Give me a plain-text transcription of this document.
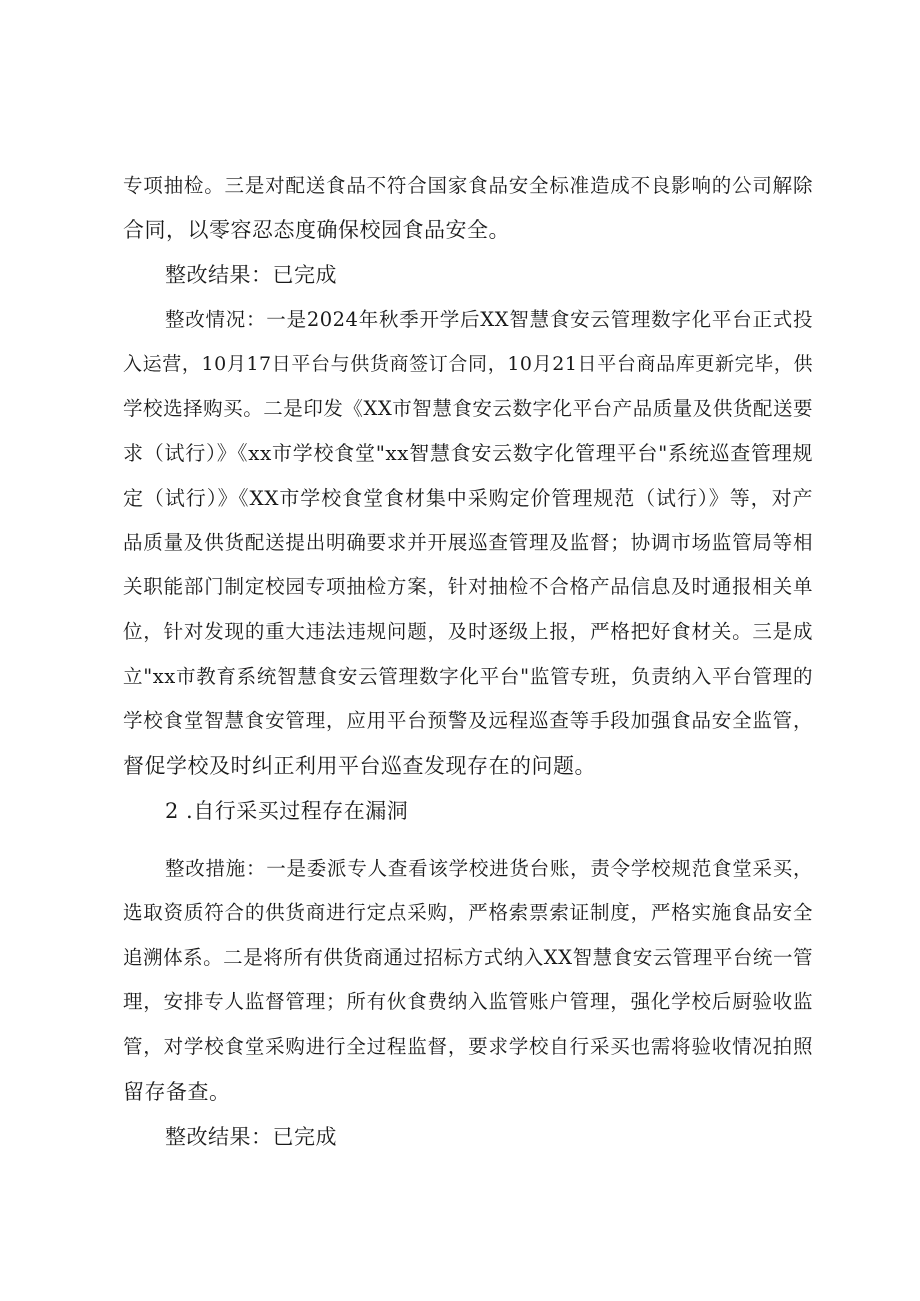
专项抽检。三是对配送食品不符合国家食品安全标准造成不良影响的公司解除
合同，以零容忍态度确保校园食品安全。
整改结果：已完成
整改情况：一是2024年秋季开学后XX智慧食安云管理数字化平台正式投
入运营，10月17日平台与供货商签订合同，10月21日平台商品库更新完毕，供
学校选择购买。二是印发《XX市智慧食安云数字化平台产品质量及供货配送要
求（试行）》《xx市学校食堂"xx智慧食安云数字化管理平台"系统巡查管理规
定（试行）》《XX市学校食堂食材集中采购定价管理规范（试行）》等，对产
品质量及供货配送提出明确要求并开展巡查管理及监督；协调市场监管局等相
关职能部门制定校园专项抽检方案，针对抽检不合格产品信息及时通报相关单
位，针对发现的重大违法违规问题，及时逐级上报，严格把好食材关。三是成
立"xx市教育系统智慧食安云管理数字化平台"监管专班，负责纳入平台管理的
学校食堂智慧食安管理，应用平台预警及远程巡查等手段加强食品安全监管，
督促学校及时纠正利用平台巡查发现存在的问题。
2 .自行采买过程存在漏洞
整改措施：一是委派专人查看该学校进货台账，责令学校规范食堂采买，
选取资质符合的供货商进行定点采购，严格索票索证制度，严格实施食品安全
追溯体系。二是将所有供货商通过招标方式纳入XX智慧食安云管理平台统一管
理，安排专人监督管理；所有伙食费纳入监管账户管理，强化学校后厨验收监
管，对学校食堂采购进行全过程监督，要求学校自行采买也需将验收情况拍照
留存备查。
整改结果：已完成
